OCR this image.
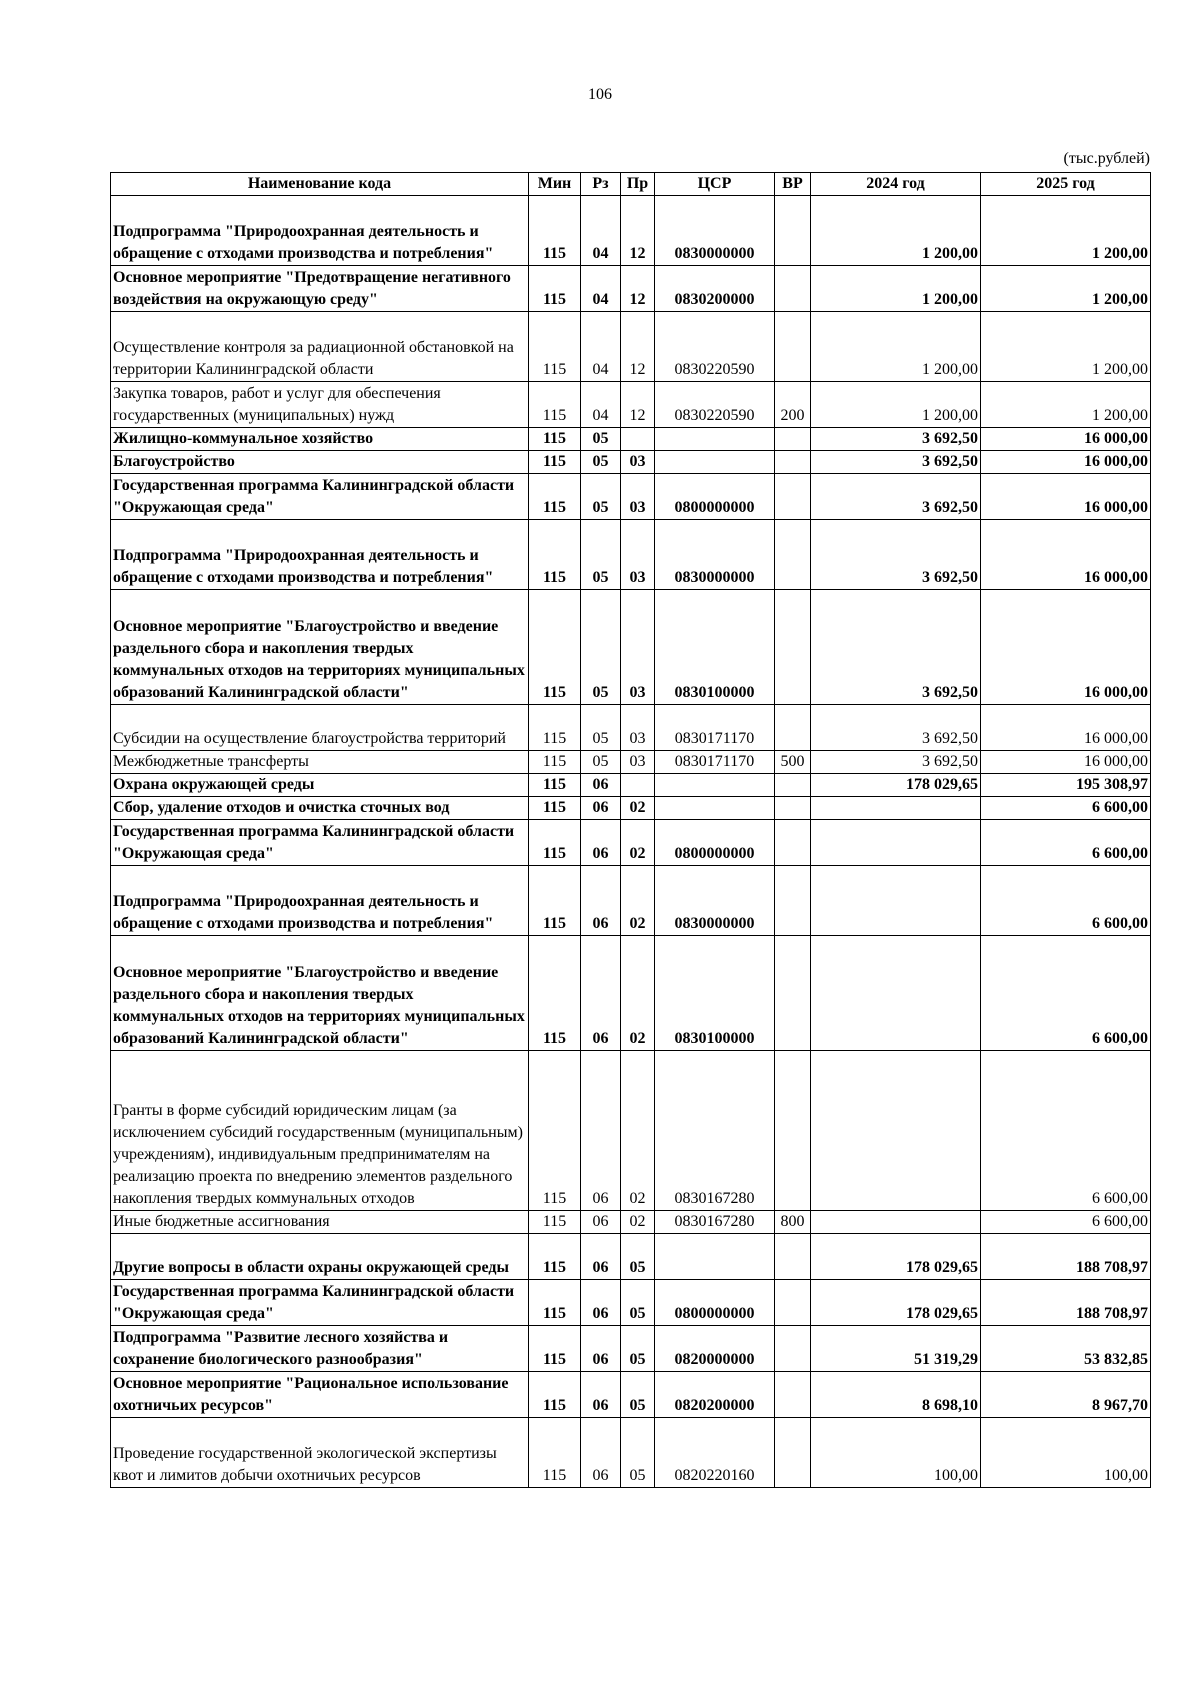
106
(тыс.рублей)
Наименование кода	Мин	Рз	Пр	ЦСР	ВР	2024 год	2025 год
Подпрограмма "Природоохранная деятельность и обращение с отходами производства и потребления"	115	04	12	0830000000		1 200,00	1 200,00
Основное мероприятие "Предотвращение негативного воздействия на окружающую среду"	115	04	12	0830200000		1 200,00	1 200,00
Осуществление контроля за радиационной обстановкой на территории Калининградской области	115	04	12	0830220590		1 200,00	1 200,00
Закупка товаров, работ и услуг для обеспечения государственных (муниципальных) нужд	115	04	12	0830220590	200	1 200,00	1 200,00
Жилищно-коммунальное хозяйство	115	05				3 692,50	16 000,00
Благоустройство	115	05	03			3 692,50	16 000,00
Государственная программа Калининградской области "Окружающая среда"	115	05	03	0800000000		3 692,50	16 000,00
Подпрограмма "Природоохранная деятельность и обращение с отходами производства и потребления"	115	05	03	0830000000		3 692,50	16 000,00
Основное мероприятие "Благоустройство и введение раздельного сбора и накопления твердых коммунальных отходов на территориях муниципальных образований Калининградской области"	115	05	03	0830100000		3 692,50	16 000,00
Субсидии на осуществление благоустройства территорий	115	05	03	0830171170		3 692,50	16 000,00
Межбюджетные трансферты	115	05	03	0830171170	500	3 692,50	16 000,00
Охрана окружающей среды	115	06				178 029,65	195 308,97
Сбор, удаление отходов и очистка сточных вод	115	06	02				6 600,00
Государственная программа Калининградской области "Окружающая среда"	115	06	02	0800000000			6 600,00
Подпрограмма "Природоохранная деятельность и обращение с отходами производства и потребления"	115	06	02	0830000000			6 600,00
Основное мероприятие "Благоустройство и введение раздельного сбора и накопления твердых коммунальных отходов на территориях муниципальных образований Калининградской области"	115	06	02	0830100000			6 600,00
Гранты в форме субсидий юридическим лицам (за исключением субсидий государственным (муниципальным) учреждениям), индивидуальным предпринимателям на реализацию проекта по внедрению элементов раздельного накопления твердых коммунальных отходов	115	06	02	0830167280			6 600,00
Иные бюджетные ассигнования	115	06	02	0830167280	800		6 600,00
Другие вопросы в области охраны окружающей среды	115	06	05			178 029,65	188 708,97
Государственная программа Калининградской области "Окружающая среда"	115	06	05	0800000000		178 029,65	188 708,97
Подпрограмма "Развитие лесного хозяйства и сохранение биологического разнообразия"	115	06	05	0820000000		51 319,29	53 832,85
Основное мероприятие "Рациональное использование охотничьих ресурсов"	115	06	05	0820200000		8 698,10	8 967,70
Проведение государственной экологической экспертизы квот и лимитов добычи охотничьих ресурсов	115	06	05	0820220160		100,00	100,00
